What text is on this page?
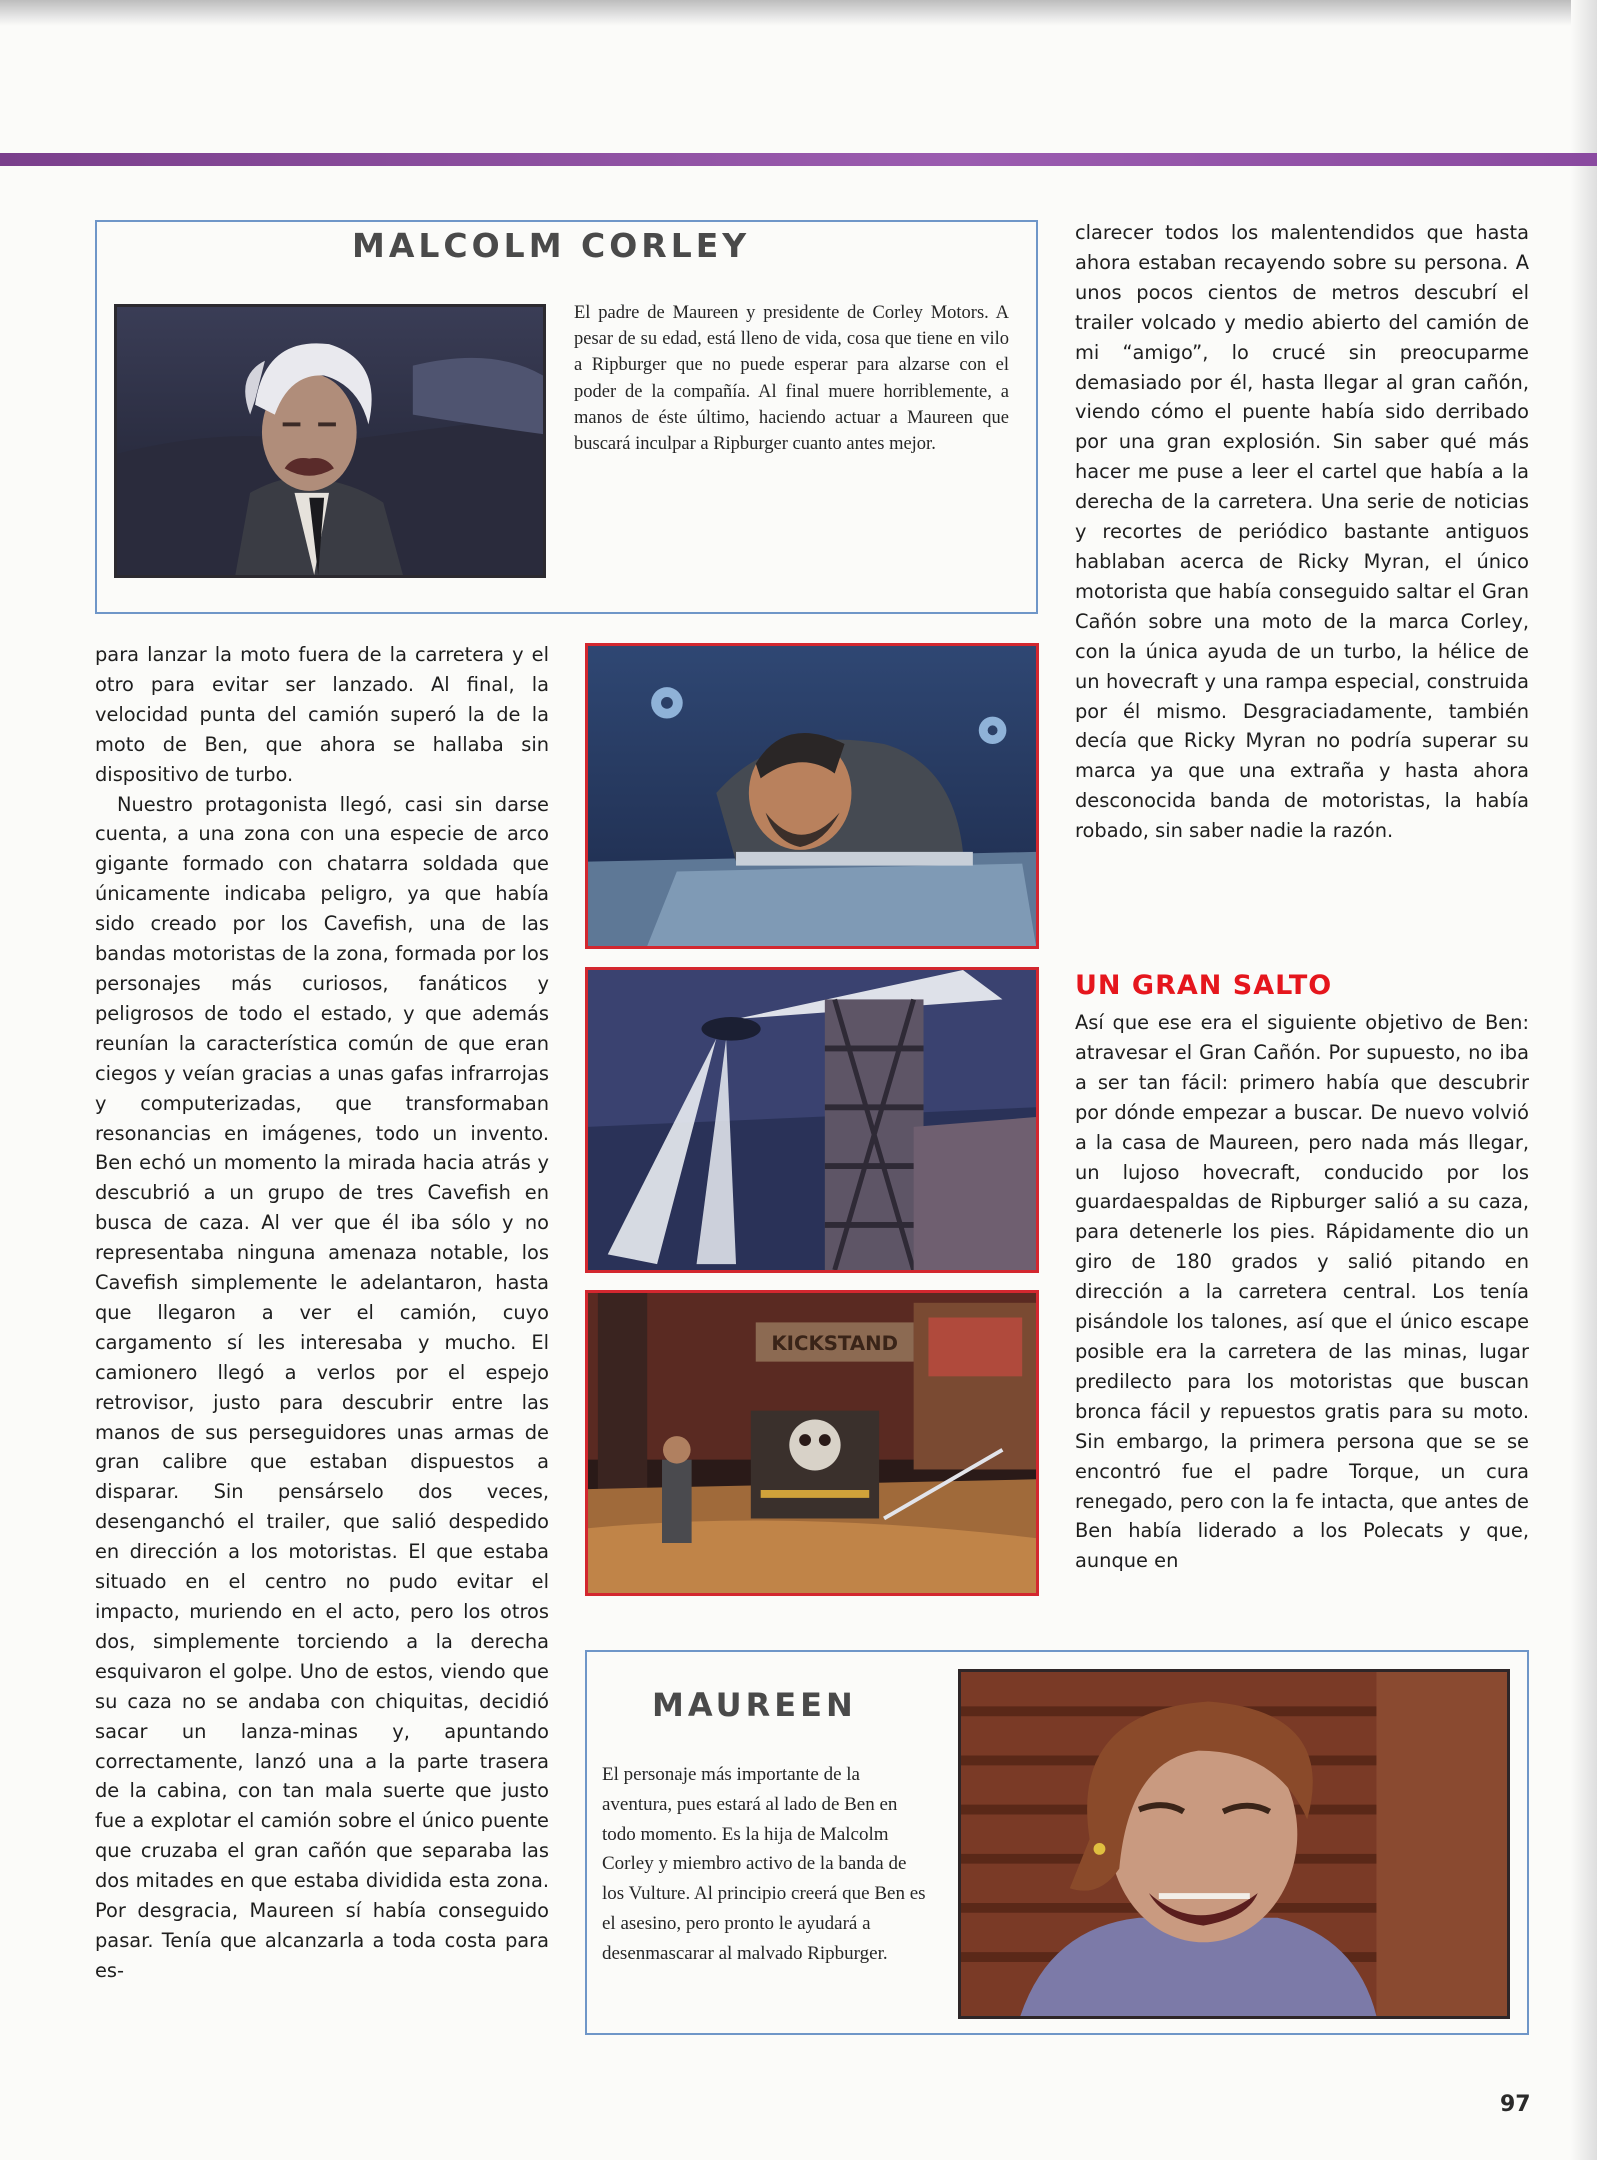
MALCOLM CORLEY

El padre de Maureen y presidente de Corley Motors. A pesar de su edad, está lleno de vida, cosa que tiene en vilo a Ripburger que no puede esperar para alzarse con el poder de la compañía. Al final muere horriblemente, a manos de éste último, haciendo actuar a Maureen que buscará inculpar a Ripburger cuanto antes mejor.

para lanzar la moto fuera de la carretera y el otro para evitar ser lanzado. Al final, la velocidad punta del camión superó la de la moto de Ben, que ahora se hallaba sin dispositivo de turbo.

Nuestro protagonista llegó, casi sin darse cuenta, a una zona con una especie de arco gigante formado con chatarra soldada que únicamente indicaba peligro, ya que había sido creado por los Cavefish, una de las bandas motoristas de la zona, formada por los personajes más curiosos, fanáticos y peligrosos de todo el estado, y que además reunían la característica común de que eran ciegos y veían gracias a unas gafas infrarrojas y computerizadas, que transformaban resonancias en imágenes, todo un invento. Ben echó un momento la mirada hacia atrás y descubrió a un grupo de tres Cavefish en busca de caza. Al ver que él iba sólo y no representaba ninguna amenaza notable, los Cavefish simplemente le adelantaron, hasta que llegaron a ver el camión, cuyo cargamento sí les interesaba y mucho. El camionero llegó a verlos por el espejo retrovisor, justo para descubrir entre las manos de sus perseguidores unas armas de gran calibre que estaban dispuestos a disparar. Sin pensárselo dos veces, desenganchó el trailer, que salió despedido en dirección a los motoristas. El que estaba situado en el centro no pudo evitar el impacto, muriendo en el acto, pero los otros dos, simplemente torciendo a la derecha esquivaron el golpe. Uno de estos, viendo que su caza no se andaba con chiquitas, decidió sacar un lanza-minas y, apuntando correctamente, lanzó una a la parte trasera de la cabina, con tan mala suerte que justo fue a explotar el camión sobre el único puente que cruzaba el gran cañón que separaba las dos mitades en que estaba dividida esta zona. Por desgracia, Maureen sí había conseguido pasar. Tenía que alcanzarla a toda costa para es-

KICKSTAND

clarecer todos los malentendidos que hasta ahora estaban recayendo sobre su persona. A unos pocos cientos de metros descubrí el trailer volcado y medio abierto del camión de mi “amigo”, lo crucé sin preocuparme demasiado por él, hasta llegar al gran cañón, viendo cómo el puente había sido derribado por una gran explosión. Sin saber qué más hacer me puse a leer el cartel que había a la derecha de la carretera. Una serie de noticias y recortes de periódico bastante antiguos hablaban acerca de Ricky Myran, el único motorista que había conseguido saltar el Gran Cañón sobre una moto de la marca Corley, con la única ayuda de un turbo, la hélice de un hovecraft y una rampa especial, construida por él mismo. Desgraciadamente, también decía que Ricky Myran no podría superar su marca ya que una extraña y hasta ahora desconocida banda de motoristas, la había robado, sin saber nadie la razón.

UN GRAN SALTO

Así que ese era el siguiente objetivo de Ben: atravesar el Gran Cañón. Por supuesto, no iba a ser tan fácil: primero había que descubrir por dónde empezar a buscar. De nuevo volvió a la casa de Maureen, pero nada más llegar, un lujoso hovecraft, conducido por los guardaespaldas de Ripburger salió a su caza, para detenerle los pies. Rápidamente dio un giro de 180 grados y salió pitando en dirección a la carretera central. Los tenía pisándole los talones, así que el único escape posible era la carretera de las minas, lugar predilecto para los motoristas que buscan bronca fácil y repuestos gratis para su moto. Sin embargo, la primera persona que se se encontró fue el padre Torque, un cura renegado, pero con la fe intacta, que antes de Ben había liderado a los Polecats y que, aunque en

MAUREEN

El personaje más importante de la aventura, pues estará al lado de Ben en todo momento. Es la hija de Malcolm Corley y miembro activo de la banda de los Vulture. Al principio creerá que Ben es el asesino, pero pronto le ayudará a desenmascarar al malvado Ripburger.

97
